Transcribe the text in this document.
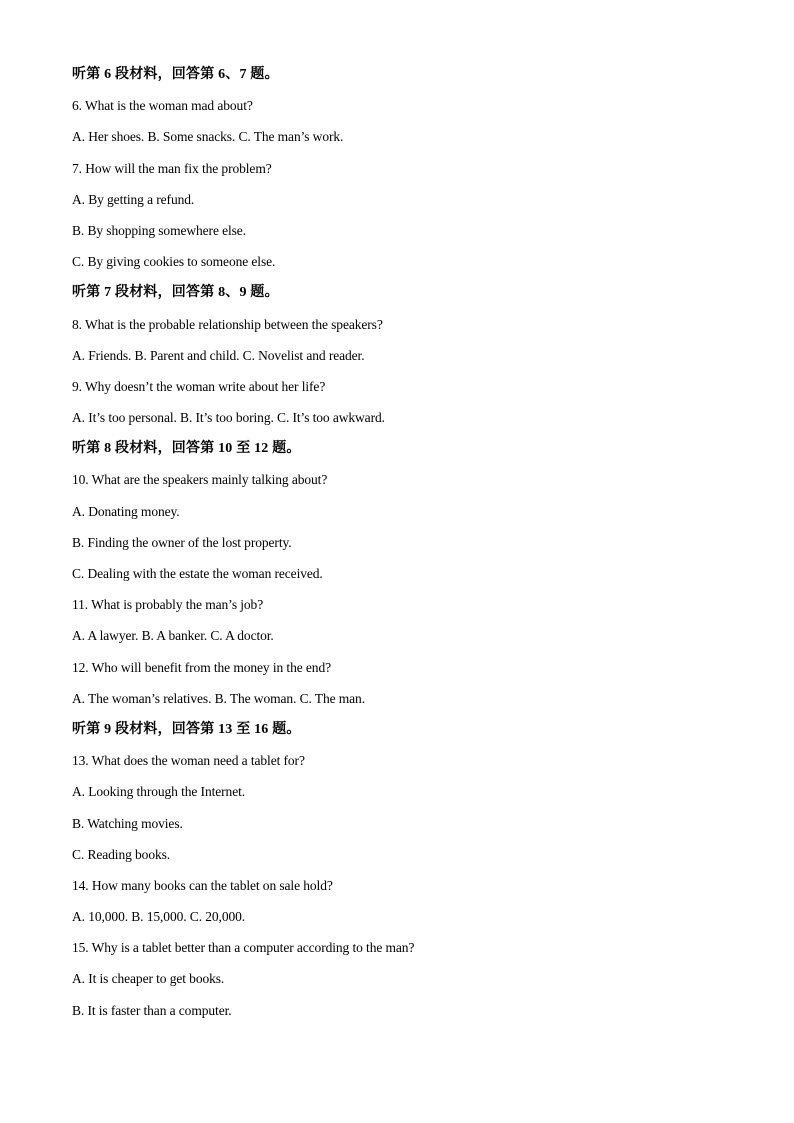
听第 6 段材料，回答第 6、7 题。
6. What is the woman mad about?
A. Her shoes. B. Some snacks. C. The man’s work.
7. How will the man fix the problem?
A. By getting a refund.
B. By shopping somewhere else.
C. By giving cookies to someone else.
听第 7 段材料，回答第 8、9 题。
8. What is the probable relationship between the speakers?
A. Friends. B. Parent and child. C. Novelist and reader.
9. Why doesn’t the woman write about her life?
A. It’s too personal. B. It’s too boring. C. It’s too awkward.
听第 8 段材料，回答第 10 至 12 题。
10. What are the speakers mainly talking about?
A. Donating money.
B. Finding the owner of the lost property.
C. Dealing with the estate the woman received.
11. What is probably the man’s job?
A. A lawyer. B. A banker. C. A doctor.
12. Who will benefit from the money in the end?
A. The woman’s relatives. B. The woman. C. The man.
听第 9 段材料，回答第 13 至 16 题。
13. What does the woman need a tablet for?
A. Looking through the Internet.
B. Watching movies.
C. Reading books.
14. How many books can the tablet on sale hold?
A. 10,000. B. 15,000. C. 20,000.
15. Why is a tablet better than a computer according to the man?
A. It is cheaper to get books.
B. It is faster than a computer.
